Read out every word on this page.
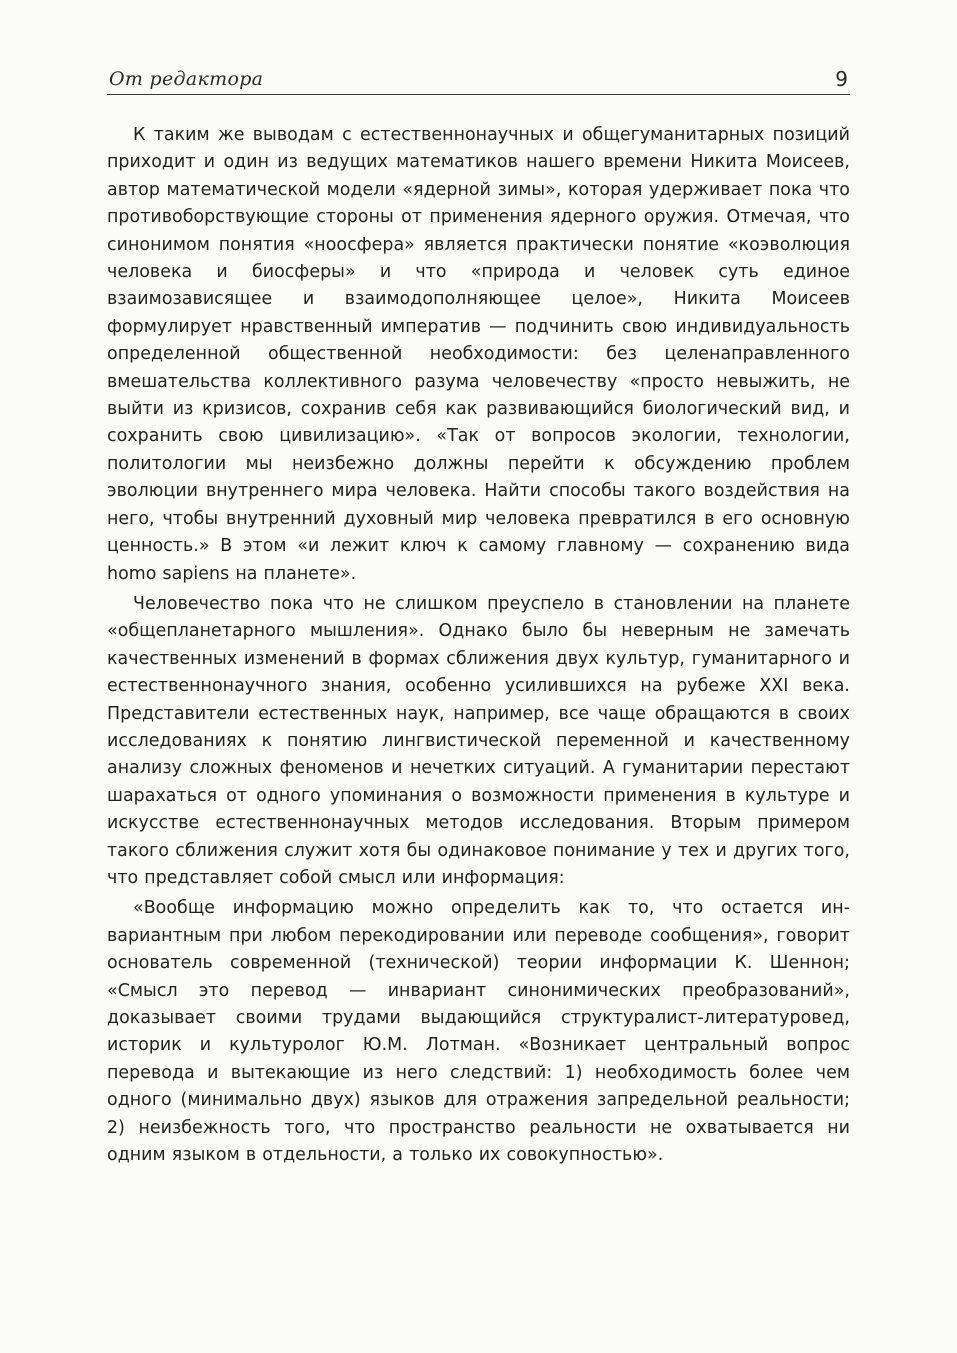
От редактора	9

К таким же выводам с естественнонаучных и общегуманитарных позиций приходит и один из ведущих математиков нашего времени Никита Моисеев, автор математической модели «ядерной зимы», которая удерживает пока что противоборствующие стороны от применения ядерного оружия. Отмечая, что синонимом понятия «ноосфера» является практически понятие «коэволюция человека и биосферы» и что «природа и человек суть единое взаимозависящее и взаимодополняющее целое», Никита Моисеев формулирует нравственный императив — подчинить свою индивидуальность определенной общественной необходимости: без целенаправленного вмешательства коллективного разума человечеству «просто невыжить, не выйти из кризисов, сохранив себя как развивающийся биологический вид, и сохранить свою цивилизацию». «Так от вопросов экологии, технологии, политологии мы неизбежно должны перейти к обсуждению проблем эволюции внутреннего мира человека. Найти способы такого воздействия на него, чтобы внутренний духовный мир человека превратился в его основную ценность.» В этом «и лежит ключ к самому главному — сохранению вида homo sapiens на планете».

Человечество пока что не слишком преуспело в становлении на планете «общепланетарного мышления». Однако было бы неверным не замечать качественных изменений в формах сближения двух культур, гуманитарного и естественнонаучного знания, особенно усилившихся на рубеже XXI века. Представители естественных наук, например, все чаще обращаются в своих исследованиях к понятию лингвистической переменной и качественному анализу сложных феноменов и нечетких ситуаций. А гуманитарии перестают шарахаться от одного упоминания о возможности применения в культуре и искусстве естественнонаучных методов исследования. Вторым примером такого сближения служит хотя бы одинаковое понимание у тех и других того, что представляет собой смысл или информация:

«Вообще информацию можно определить как то, что остается инвариантным при любом перекодировании или переводе сообщения», говорит основатель современной (технической) теории информации К. Шеннон; «Смысл это перевод — инвариант синонимических преобразований», доказывает своими трудами выдающийся структуралист-литературовед, историк и культуролог Ю.М. Лотман. «Возникает центральный вопрос перевода и вытекающие из него следствий: 1) необходимость более чем одного (минимально двух) языков для отражения запредельной реальности; 2) неизбежность того, что пространство реальности не охватывается ни одним языком в отдельности, а только их совокупностью».
